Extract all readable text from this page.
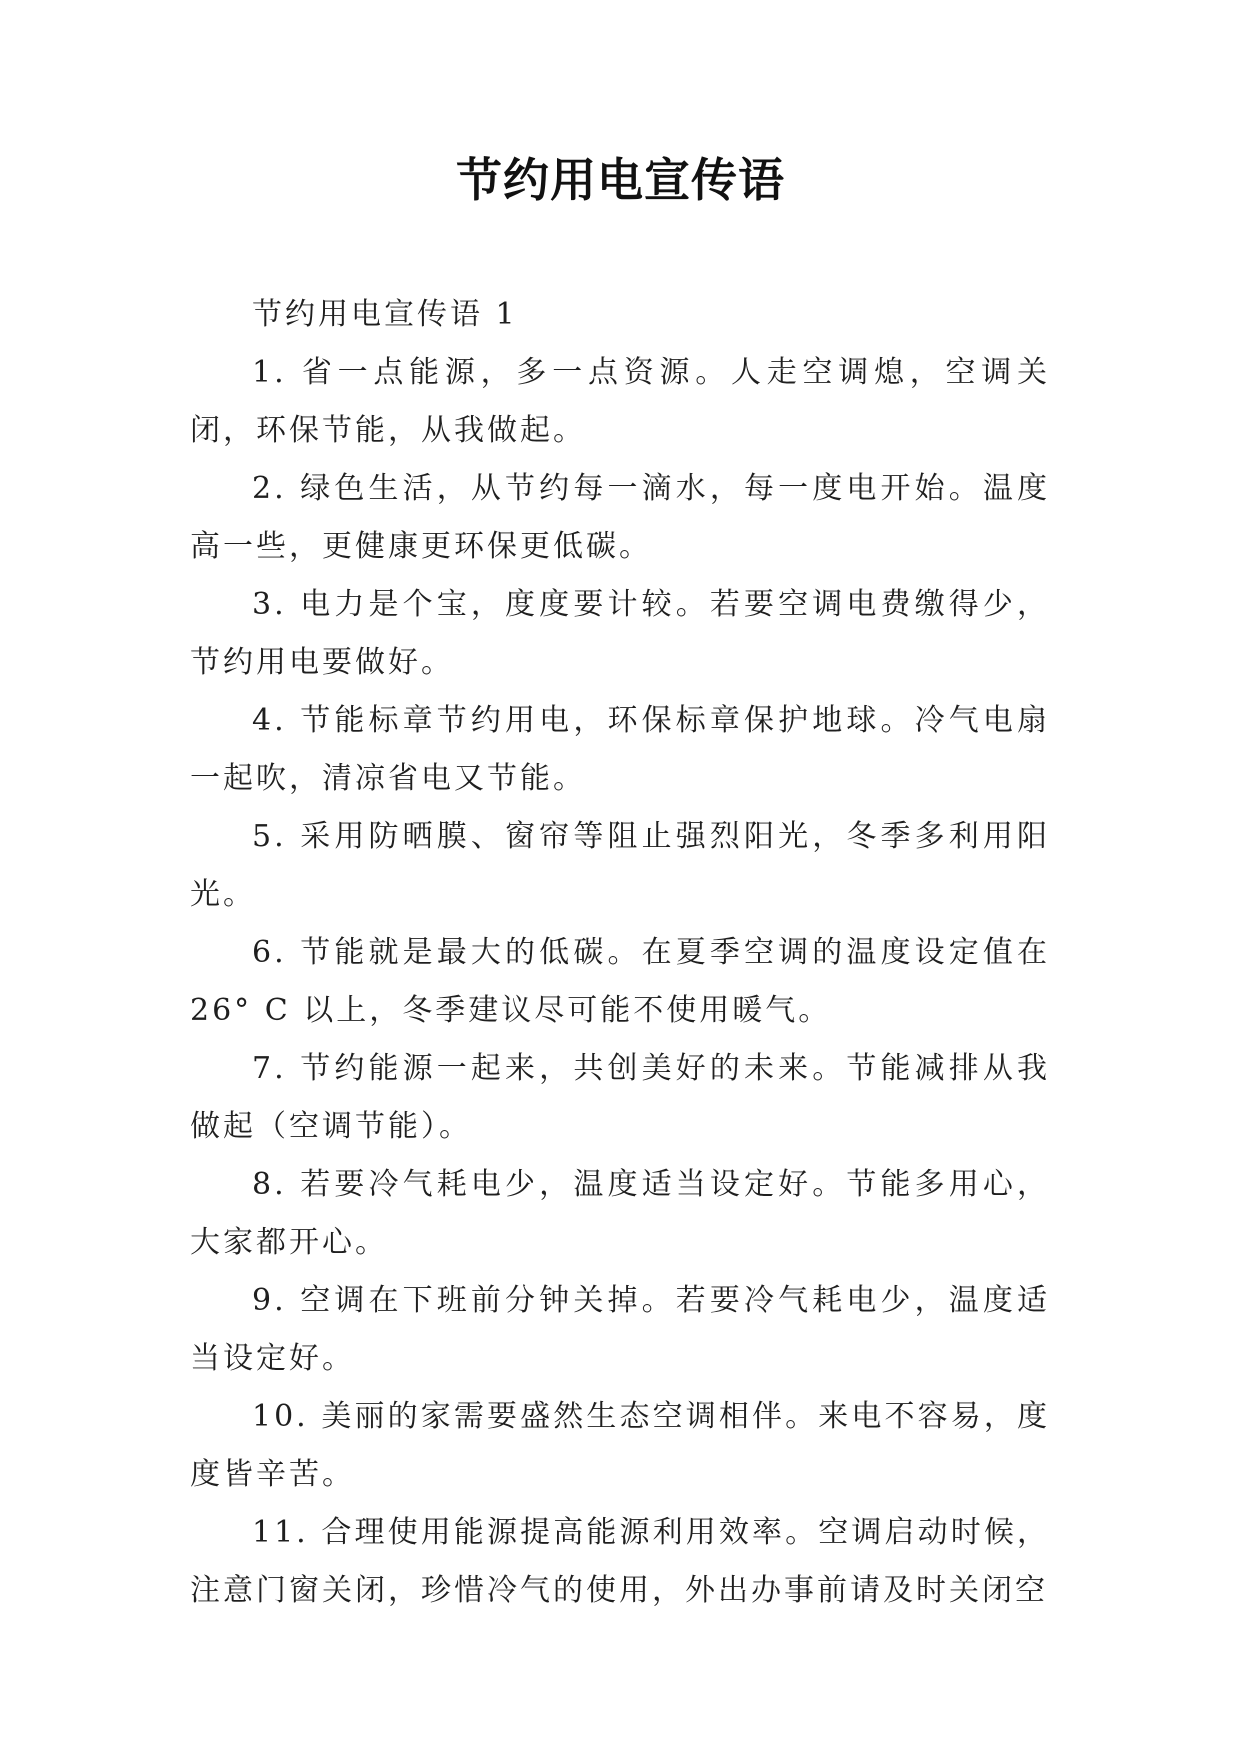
节约用电宣传语

节约用电宣传语 1

1. 省一点能源，多一点资源。人走空调熄，空调关闭，环保节能，从我做起。

2. 绿色生活，从节约每一滴水，每一度电开始。温度高一些，更健康更环保更低碳。

3. 电力是个宝，度度要计较。若要空调电费缴得少，节约用电要做好。

4. 节能标章节约用电，环保标章保护地球。冷气电扇一起吹，清凉省电又节能。

5. 采用防晒膜、窗帘等阻止强烈阳光，冬季多利用阳光。

6. 节能就是最大的低碳。在夏季空调的温度设定值在 26° C 以上，冬季建议尽可能不使用暖气。

7. 节约能源一起来，共创美好的未来。节能减排从我做起（空调节能）。

8. 若要冷气耗电少，温度适当设定好。节能多用心，大家都开心。

9. 空调在下班前分钟关掉。若要冷气耗电少，温度适当设定好。

10. 美丽的家需要盛然生态空调相伴。来电不容易，度度皆辛苦。

11. 合理使用能源提高能源利用效率。空调启动时候，注意门窗关闭，珍惜冷气的使用，外出办事前请及时关闭空
